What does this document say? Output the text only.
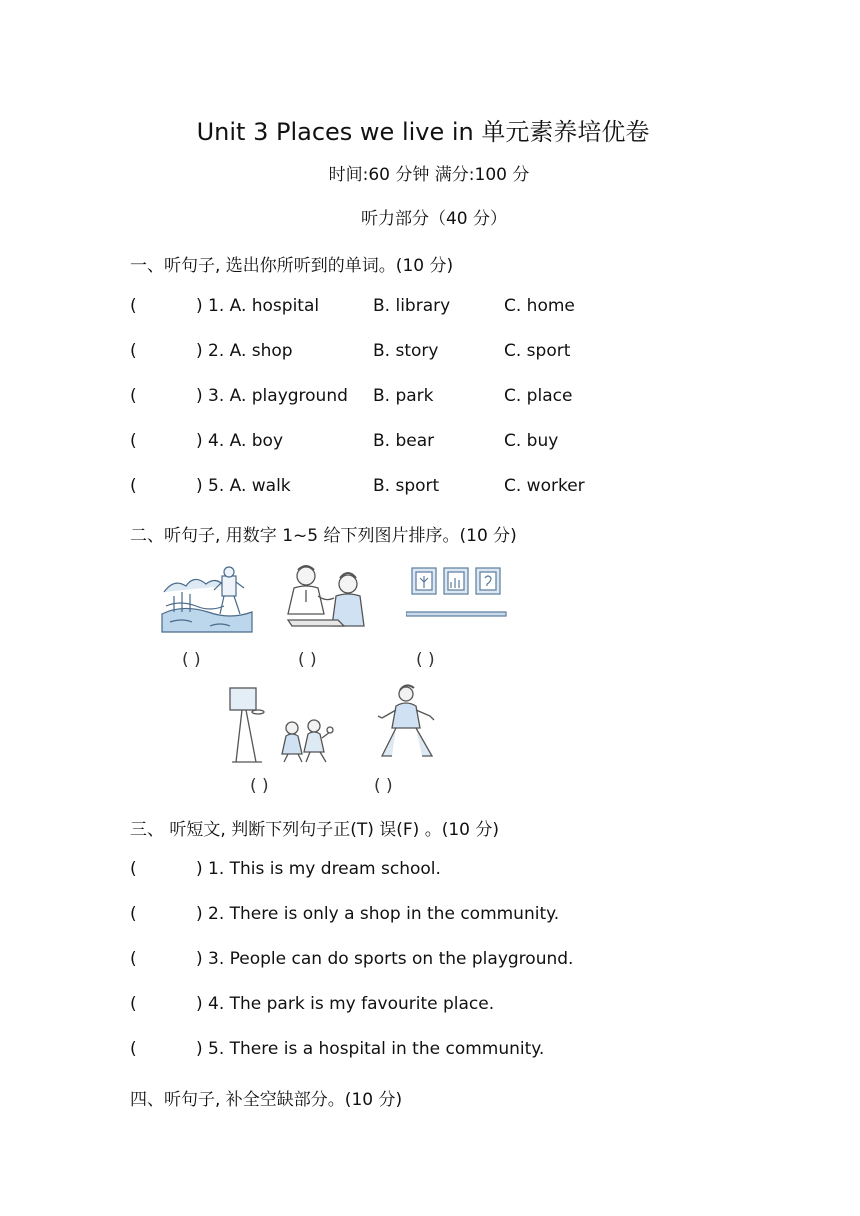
Unit 3 Places we live in 单元素养培优卷
时间:60 分钟 满分:100 分
听力部分（40 分）
一、听句子, 选出你所听到的单词。(10 分)
(	) 1. A. hospital	B. library	C. home
(	) 2. A. shop	B. story	C. sport
(	) 3. A. playground B. park	C. place
(	) 4. A. boy	B. bear	C. buy
(	) 5. A. walk	B. sport	C. worker
二、听句子, 用数字 1~5 给下列图片排序。(10 分)
( )	( )	( )
( )	( )
三、 听短文, 判断下列句子正(T) 误(F) 。(10 分)
(	) 1. This is my dream school.
(	) 2. There is only a shop in the community.
(	) 3. People can do sports on the playground.
(	) 4. The park is my favourite place.
(	) 5. There is a hospital in the community.
四、听句子, 补全空缺部分。(10 分)
